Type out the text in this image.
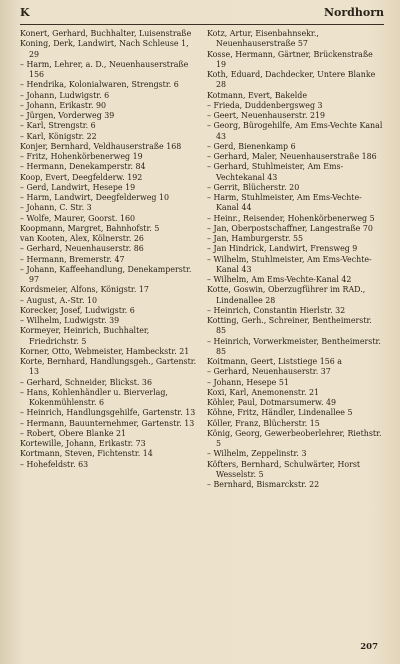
K	Nordhorn

Konert, Gerhard, Buchhalter, Luisenstraße

Koning, Derk, Landwirt, Nach Schleuse 1, 29

– Harm, Lehrer, a. D., Neuenhauserstraße 156

– Hendrika, Kolonialwaren, Strengstr. 6

– Johann, Ludwigstr. 6

– Johann, Erikastr. 90

– Jürgen, Vorderweg 39

– Karl, Strengstr. 6

– Karl, Königstr. 22

Konjer, Bernhard, Veldhauserstraße 168

– Fritz, Hohenkörbenerweg 19

– Hermann, Denekamperstr. 84

Koop, Evert, Deegfelderw. 192

– Gerd, Landwirt, Hesepe 19

– Harm, Landwirt, Deegfelderweg 10

– Johann, C. Str. 3

– Wolfe, Maurer, Goorst. 160

Koopmann, Margret, Bahnhofstr. 5

van Kooten, Alex, Kölnerstr. 26

– Gerhard, Neuenhauserstr. 86

– Hermann, Bremerstr. 47

– Johann, Kaffeehandlung, Denekamperstr. 97

Kordsmeier, Alfons, Königstr. 17

– August, A.-Str. 10

Korecker, Josef, Ludwigstr. 6

– Wilhelm, Ludwigstr. 39

Kormeyer, Heinrich, Buchhalter, Friedrichstr. 5

Korner, Otto, Webmeister, Hambeckstr. 21

Korte, Bernhard, Handlungsgeh., Gartenstr. 13

– Gerhard, Schneider, Blickst. 36

– Hans, Kohlenhändler u. Bierverlag, Kokenmühlenstr. 6

– Heinrich, Handlungsgehilfe, Gartenstr. 13

– Hermann, Bauunternehmer, Gartenstr. 13

– Robert, Obere Blanke 21

Kortewille, Johann, Erikastr. 73

Kortmann, Steven, Fichtenstr. 14

– Hohefeldstr. 63

Kotz, Artur, Eisenbahnsekr., Neuenhauserstraße 57

Kosse, Hermann, Gärtner, Brückenstraße 19

Koth, Eduard, Dachdecker, Untere Blanke 28

Kotmann, Evert, Bakelde

– Frieda, Duddenbergsweg 3

– Geert, Neuenhauserstr. 219

– Georg, Bürogehilfe, Am Ems-Vechte Kanal 43

– Gerd, Bienenkamp 6

– Gerhard, Maler, Neuenhauserstraße 186

– Gerhard, Stuhlmeister, Am Ems-Vechtekanal 43

– Gerrit, Blücherstr. 20

– Harm, Stuhlmeister, Am Ems-Vechte-Kanal 44

– Heinr., Reisender, Hohenkörbenerweg 5

– Jan, Oberpostschaffner, Langestraße 70

– Jan, Hamburgerstr. 55

– Jan Hindrick, Landwirt, Frensweg 9

– Wilhelm, Stuhlmeister, Am Ems-Vechte-Kanal 43

– Wilhelm, Am Ems-Vechte-Kanal 42

Kotte, Goswin, Oberzugführer im RAD., Lindenallee 28

– Heinrich, Constantin Hierlstr. 32

Kotting, Gerh., Schreiner, Bentheimerstr. 85

– Heinrich, Vorwerkmeister, Bentheimerstr. 85

Koitmann, Geert, Liststiege 156 a

– Gerhard, Neuenhauserstr. 37

– Johann, Hesepe 51

Koxi, Karl, Anemonenstr. 21

Köhler, Paul, Dotmarsumerw. 49

Köhne, Fritz, Händler, Lindenallee 5

Köller, Franz, Blücherstr. 15

König, Georg, Gewerbeoberlehrer, Riethstr. 5

– Wilhelm, Zeppelinstr. 3

Köfters, Bernhard, Schulwärter, Horst Wesselstr. 5

– Bernhard, Bismarckstr. 22

207
